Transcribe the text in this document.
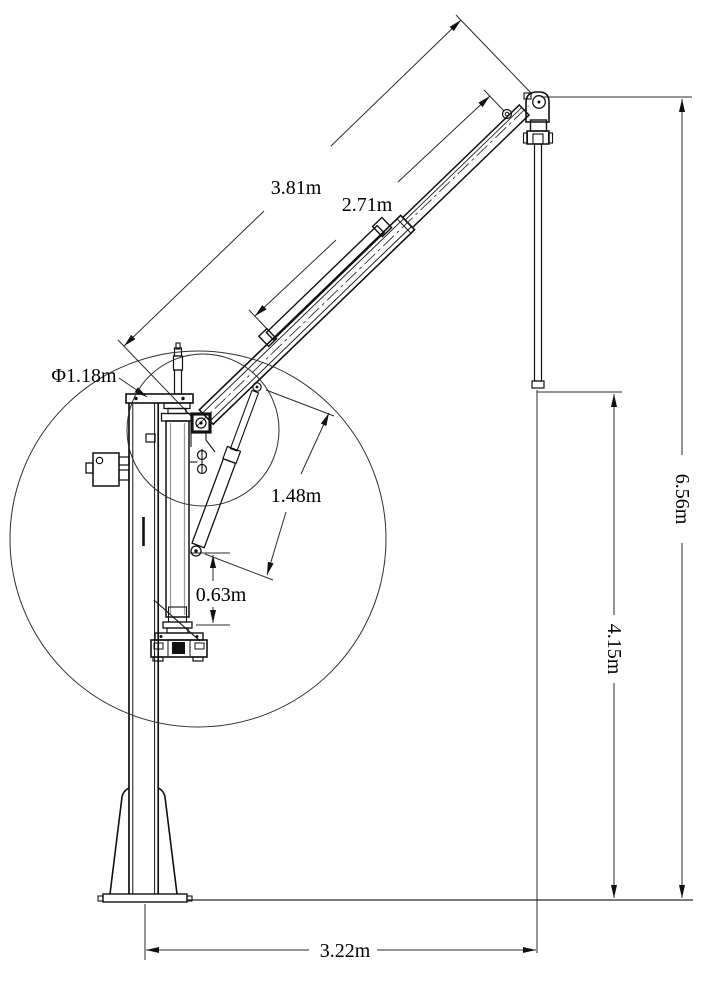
3.81m
2.71m
Φ1.18m
1.48m
0.63m
3.22m
4.15m
6.56m
